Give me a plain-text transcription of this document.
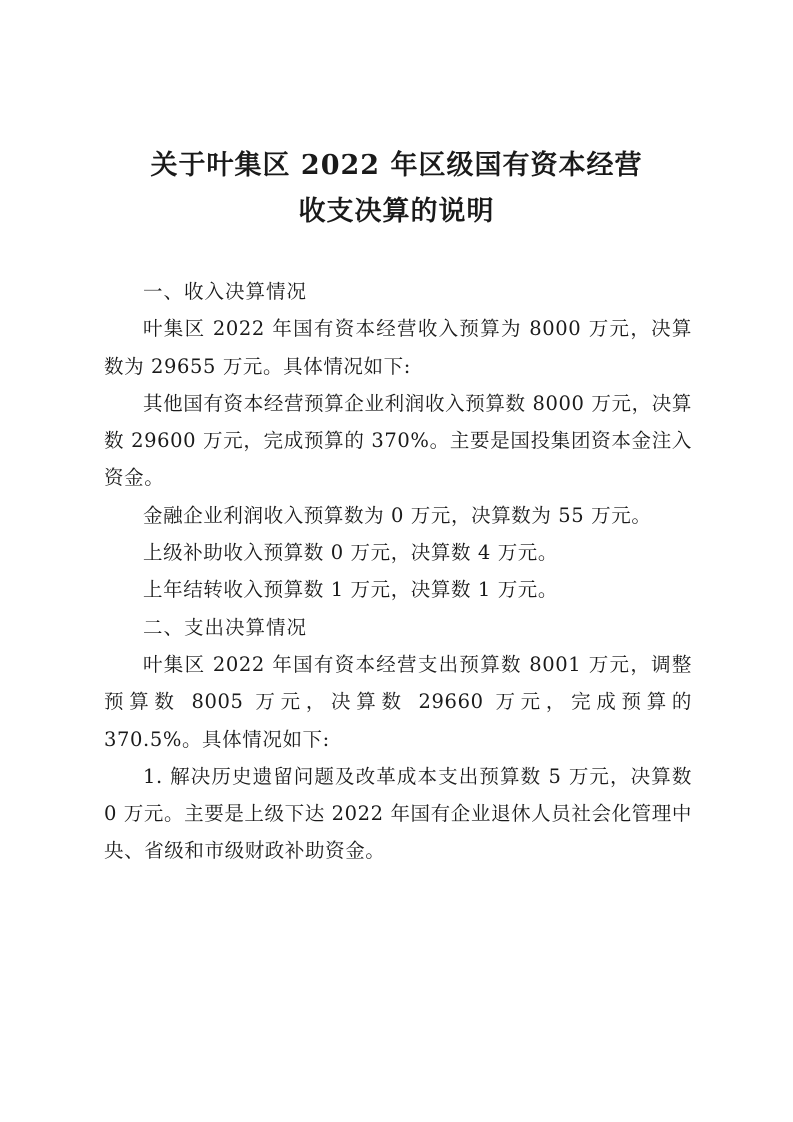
关于叶集区 2022 年区级国有资本经营
收支决算的说明

一、收入决算情况

叶集区 2022 年国有资本经营收入预算为 8000 万元，决算数为 29655 万元。具体情况如下:

其他国有资本经营预算企业利润收入预算数 8000 万元，决算数 29600 万元，完成预算的 370%。主要是国投集团资本金注入资金。

金融企业利润收入预算数为 0 万元，决算数为 55 万元。

上级补助收入预算数 0 万元，决算数 4 万元。

上年结转收入预算数 1 万元，决算数 1 万元。

二、支出决算情况

叶集区 2022 年国有资本经营支出预算数 8001 万元，调整预算数 8005 万元，决算数 29660 万元，完成预算的 370.5%。具体情况如下:

1. 解决历史遗留问题及改革成本支出预算数 5 万元，决算数 0 万元。主要是上级下达 2022 年国有企业退休人员社会化管理中央、省级和市级财政补助资金。
